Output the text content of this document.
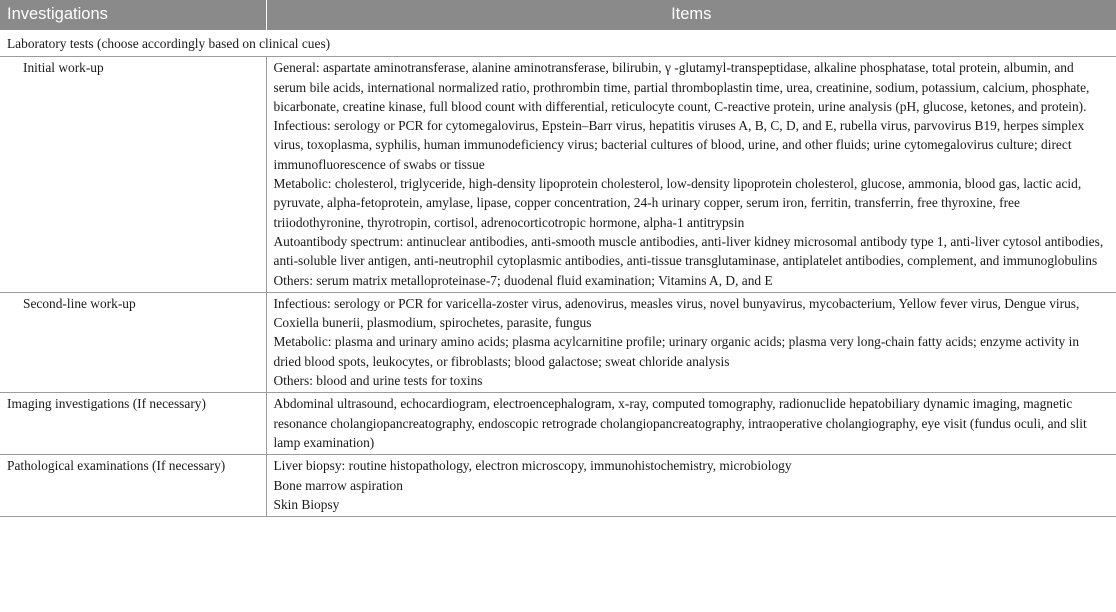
Investigations	Items
Laboratory tests (choose accordingly based on clinical cues)	
Initial work-up	General: aspartate aminotransferase, alanine aminotransferase, bilirubin, γ -glutamyl-transpeptidase, alkaline phosphatase, total protein, albumin, and serum bile acids, international normalized ratio, prothrombin time, partial thromboplastin time, urea, creatinine, sodium, potassium, calcium, phosphate, bicarbonate, creatine kinase, full blood count with differential, reticulocyte count, C-reactive protein, urine analysis (pH, glucose, ketones, and protein).
Infectious: serology or PCR for cytomegalovirus, Epstein–Barr virus, hepatitis viruses A, B, C, D, and E, rubella virus, parvovirus B19, herpes simplex virus, toxoplasma, syphilis, human immunodeficiency virus; bacterial cultures of blood, urine, and other fluids; urine cytomegalovirus culture; direct immunofluorescence of swabs or tissue
Metabolic: cholesterol, triglyceride, high-density lipoprotein cholesterol, low-density lipoprotein cholesterol, glucose, ammonia, blood gas, lactic acid, pyruvate, alpha-fetoprotein, amylase, lipase, copper concentration, 24-h urinary copper, serum iron, ferritin, transferrin, free thyroxine, free triiodothyronine, thyrotropin, cortisol, adrenocorticotropic hormone, alpha-1 antitrypsin
Autoantibody spectrum: antinuclear antibodies, anti-smooth muscle antibodies, anti-liver kidney microsomal antibody type 1, anti-liver cytosol antibodies, anti-soluble liver antigen, anti-neutrophil cytoplasmic antibodies, anti-tissue transglutaminase, antiplatelet antibodies, complement, and immunoglobulins
Others: serum matrix metalloproteinase-7; duodenal fluid examination; Vitamins A, D, and E

Second-line work-up	Infectious: serology or PCR for varicella-zoster virus, adenovirus, measles virus, novel bunyavirus, mycobacterium, Yellow fever virus, Dengue virus, Coxiella bunerii, plasmodium, spirochetes, parasite, fungus
Metabolic: plasma and urinary amino acids; plasma acylcarnitine profile; urinary organic acids; plasma very long-chain fatty acids; enzyme activity in dried blood spots, leukocytes, or fibroblasts; blood galactose; sweat chloride analysis
Others: blood and urine tests for toxins

Imaging investigations (If necessary)	Abdominal ultrasound, echocardiogram, electroencephalogram, x-ray, computed tomography, radionuclide hepatobiliary dynamic imaging, magnetic resonance cholangiopancreatography, endoscopic retrograde cholangiopancreatography, intraoperative cholangiography, eye visit (fundus oculi, and slit lamp examination)

Pathological examinations (If necessary)	Liver biopsy: routine histopathology, electron microscopy, immunohistochemistry, microbiology
Bone marrow aspiration
Skin Biopsy
